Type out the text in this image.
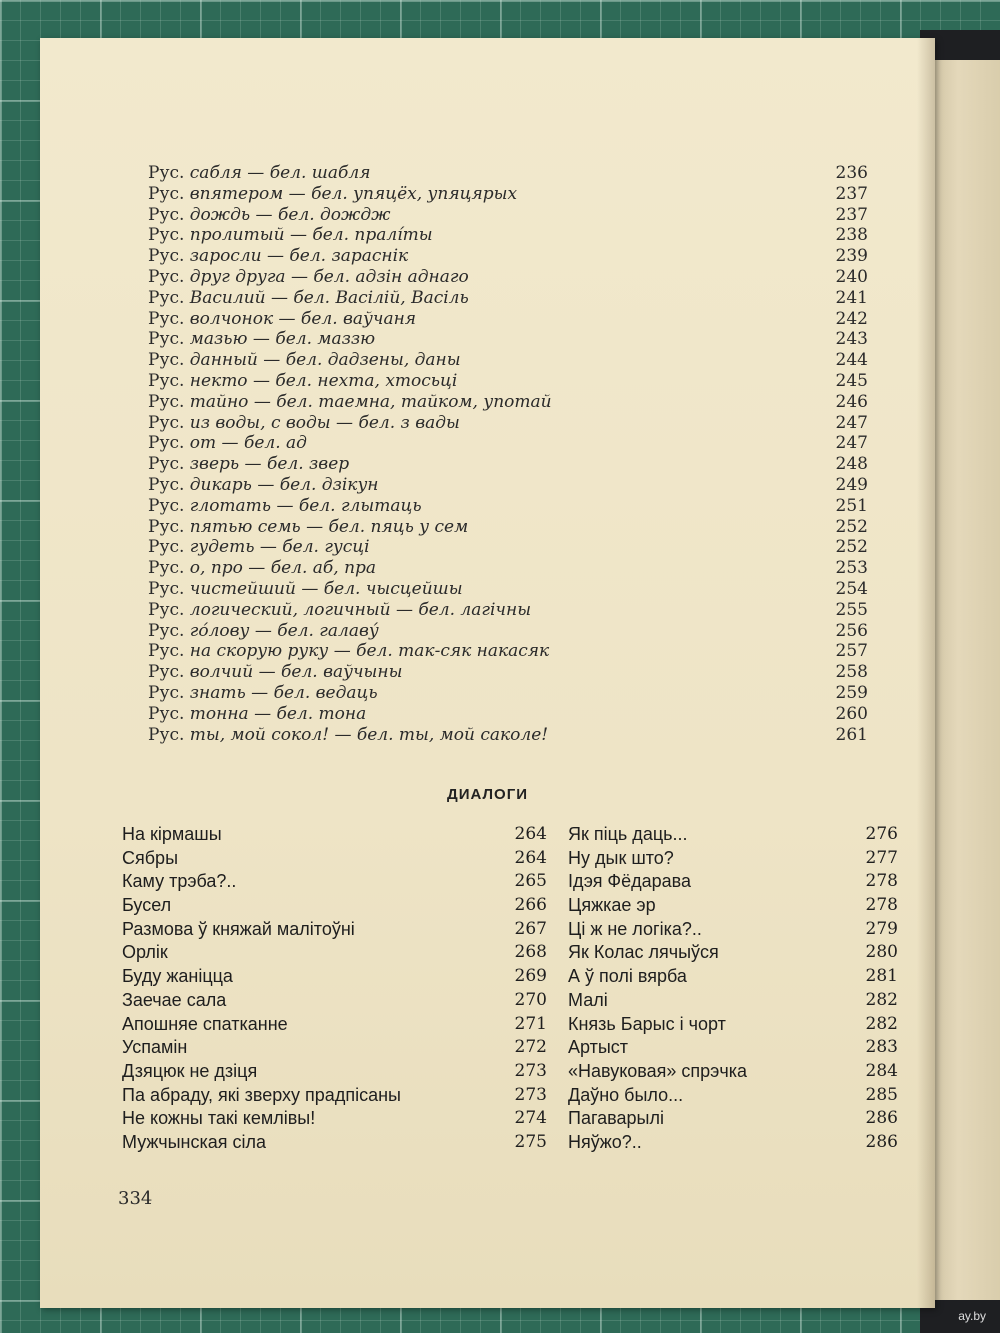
Рус. сабля — бел. шабля	236
Рус. впятером — бел. упяцёх, упяцярых	237
Рус. дождь — бел. дождж	237
Рус. пролитый — бел. пралíты	238
Рус. заросли — бел. зараснік	239
Рус. друг друга — бел. адзін аднаго	240
Рус. Василий — бел. Васілій, Васіль	241
Рус. волчонок — бел. ваўчаня	242
Рус. мазью — бел. маззю	243
Рус. данный — бел. дадзены, даны	244
Рус. некто — бел. нехта, хтосьці	245
Рус. тайно — бел. таемна, тайком, употай	246
Рус. из воды, с воды — бел. з вады	247
Рус. от — бел. ад	247
Рус. зверь — бел. звер	248
Рус. дикарь — бел. дзікун	249
Рус. глотать — бел. глытаць	251
Рус. пятью семь — бел. пяць у сем	252
Рус. гудеть — бел. гусці	252
Рус. о, про — бел. аб, пра	253
Рус. чистейший — бел. чысцейшы	254
Рус. логический, логичный — бел. лагічны	255
Рус. го́лову — бел. галаву́	256
Рус. на скорую руку — бел. так-сяк накасяк	257
Рус. волчий — бел. ваўчыны	258
Рус. знать — бел. ведаць	259
Рус. тонна — бел. тона	260
Рус. ты, мой сокол! — бел. ты, мой саколе!	261
ДИАЛОГИ
На кірмашы	264
Сябры	264
Каму трэба?..	265
Бусел	266
Размова ў княжай малітоўні	267
Орлік	268
Буду жаніцца	269
Заечае сала	270
Апошняе спатканне	271
Успамін	272
Дзяцюк не дзіця	273
Па абраду, які зверху прадпісаны	273
Не кожны такі кемлівы!	274
Мужчынская сіла	275
Як піць даць...	276
Ну дык што?	277
Ідэя Фёдарава	278
Цяжкае эр	278
Ці ж не логіка?..	279
Як Колас лячыўся	280
А ў полі вярба	281
Малі	282
Князь Барыс і чорт	282
Артыст	283
«Навуковая» спрэчка	284
Даўно было...	285
Пагаварылі	286
Няўжо?..	286
334
ay.by
